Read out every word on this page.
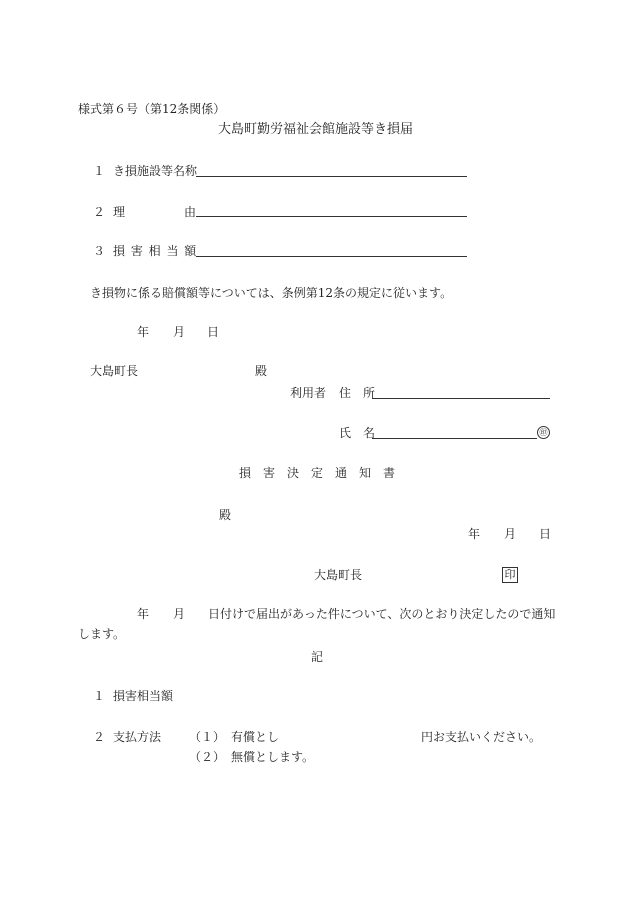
様式第６号（第12条関係）
大島町勤労福祉会館施設等き損届
１ き損施設等名称
２ 理	由
３ 損 害 相 当 額
き損物に係る賠償額等については、条例第12条の規定に従います。
年 月 日
大島町長	殿
利用者 住　所
氏　名	㊞
損　害　決　定　通　知　書
殿
年 月 日
大島町長	印
年 月 日付けで届出があった件について、次のとおり決定したので通知
します。
記
１ 損害相当額
２ 支払方法 （１） 有償とし	円お支払いください。
（２） 無償とします。
